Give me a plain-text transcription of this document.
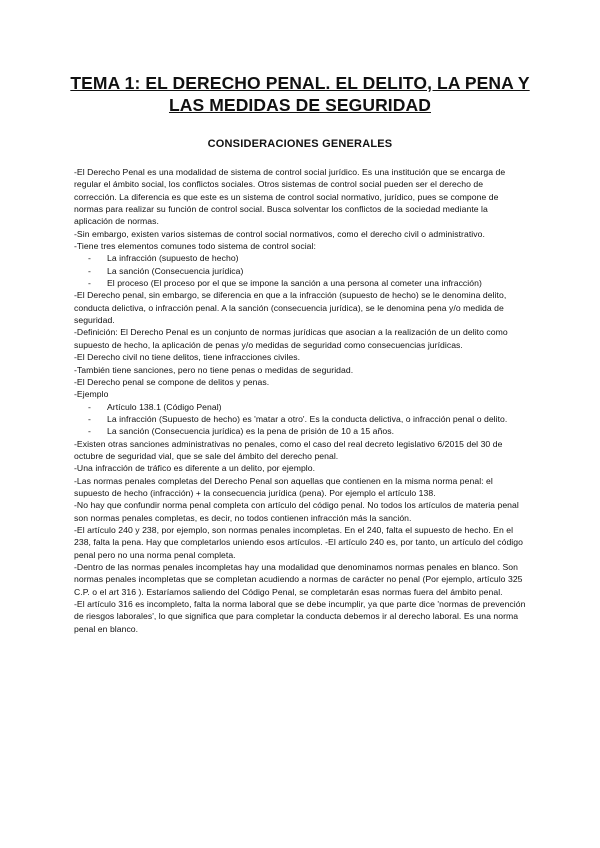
TEMA 1: EL DERECHO PENAL. EL DELITO, LA PENA Y LAS MEDIDAS DE SEGURIDAD
CONSIDERACIONES GENERALES

-El Derecho Penal es una modalidad de sistema de control social jurídico. Es una institución que se encarga de regular el ámbito social, los conflictos sociales. Otros sistemas de control social pueden ser el derecho de corrección. La diferencia es que este es un sistema de control social normativo, jurídico, pues se compone de normas para realizar su función de control social. Busca solventar los conflictos de la sociedad mediante la aplicación de normas.

-Sin embargo, existen varios sistemas de control social normativos, como el derecho civil o administrativo.

-Tiene tres elementos comunes todo sistema de control social:

- La infracción (supuesto de hecho)
- La sanción (Consecuencia jurídica)
- El proceso (El proceso por el que se impone la sanción a una persona al cometer una infracción)

-El Derecho penal, sin embargo, se diferencia en que a la infracción (supuesto de hecho) se le denomina delito, conducta delictiva, o infracción penal. A la sanción (consecuencia jurídica), se le denomina pena y/o medida de seguridad.

-Definición: El Derecho Penal es un conjunto de normas jurídicas que asocian a la realización de un delito como supuesto de hecho, la aplicación de penas y/o medidas de seguridad como consecuencias jurídicas.

-El Derecho civil no tiene delitos, tiene infracciones civiles.

-También tiene sanciones, pero no tiene penas o medidas de seguridad.

-El Derecho penal se compone de delitos y penas.

-Ejemplo

- Artículo 138.1 (Código Penal)
- La infracción (Supuesto de hecho) es 'matar a otro'. Es la conducta delictiva, o infracción penal o delito.
- La sanción (Consecuencia jurídica) es la pena de prisión de 10 a 15 años.

-Existen otras sanciones administrativas no penales, como el caso del real decreto legislativo 6/2015 del 30 de octubre de seguridad vial, que se sale del ámbito del derecho penal.

-Una infracción de tráfico es diferente a un delito, por ejemplo.

-Las normas penales completas del Derecho Penal son aquellas que contienen en la misma norma penal: el supuesto de hecho (infracción) + la consecuencia jurídica (pena). Por ejemplo el artículo 138.

-No hay que confundir norma penal completa con artículo del código penal. No todos los artículos de materia penal son normas penales completas, es decir, no todos contienen infracción más la sanción.

-El artículo 240 y 238, por ejemplo, son normas penales incompletas. En el 240, falta el supuesto de hecho. En el 238, falta la pena. Hay que completarlos uniendo esos artículos. -El artículo 240 es, por tanto, un artículo del código penal pero no una norma penal completa.

-Dentro de las normas penales incompletas hay una modalidad que denominamos normas penales en blanco. Son normas penales incompletas que se completan acudiendo a normas de carácter no penal (Por ejemplo, artículo 325 C.P. o el art 316 ). Estaríamos saliendo del Código Penal, se completarán esas normas fuera del ámbito penal.

-El artículo 316 es incompleto, falta la norma laboral que se debe incumplir, ya que parte dice 'normas de prevención de riesgos laborales', lo que significa que para completar la conducta debemos ir al derecho laboral. Es una norma penal en blanco.
